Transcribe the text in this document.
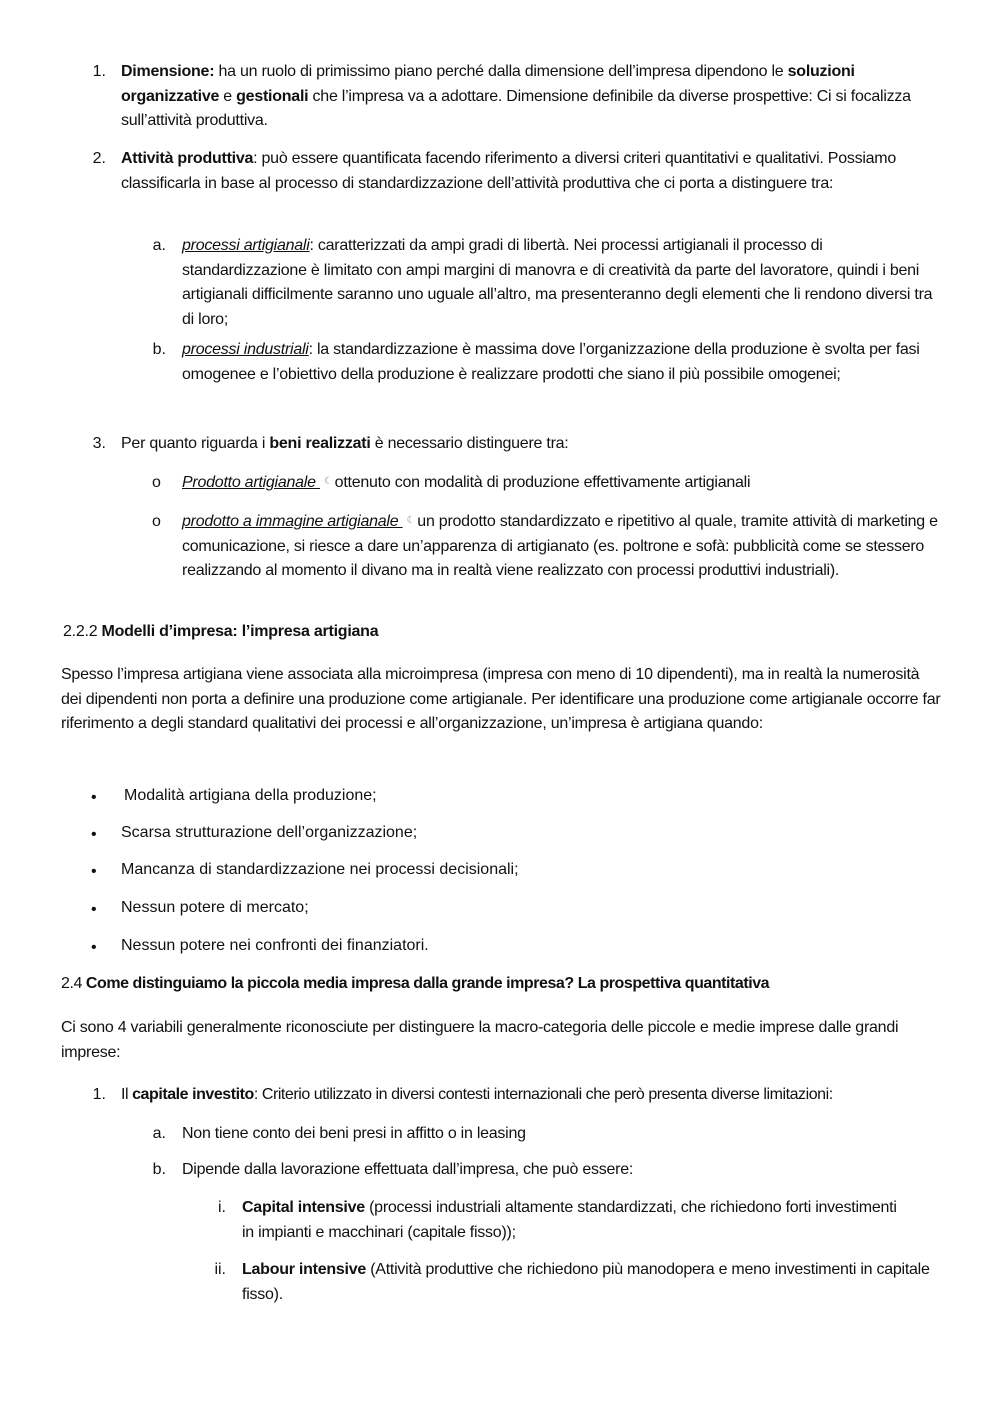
1. Dimensione: ha un ruolo di primissimo piano perché dalla dimensione dell’impresa dipendono le soluzioni organizzative e gestionali che l’impresa va a adottare. Dimensione definibile da diverse prospettive: Ci si focalizza sull’attività produttiva.

2. Attività produttiva: può essere quantificata facendo riferimento a diversi criteri quantitativi e qualitativi. Possiamo classificarla in base al processo di standardizzazione dell’attività produttiva che ci porta a distinguere tra:

a. processi artigianali: caratterizzati da ampi gradi di libertà. Nei processi artigianali il processo di standardizzazione è limitato con ampi margini di manovra e di creatività da parte del lavoratore, quindi i beni artigianali difficilmente saranno uno uguale all’altro, ma presenteranno degli elementi che li rendono diversi tra di loro;

b. processi industriali: la standardizzazione è massima dove l’organizzazione della produzione è svolta per fasi omogenee e l’obiettivo della produzione è realizzare prodotti che siano il più possibile omogenei;

3. Per quanto riguarda i beni realizzati è necessario distinguere tra:

o Prodotto artigianale ☾ ottenuto con modalità di produzione effettivamente artigianali

o prodotto a immagine artigianale ☾ un prodotto standardizzato e ripetitivo al quale, tramite attività di marketing e comunicazione, si riesce a dare un’apparenza di artigianato (es. poltrone e sofà: pubblicità come se stessero realizzando al momento il divano ma in realtà viene realizzato con processi produttivi industriali).

2.2.2 Modelli d’impresa: l’impresa artigiana

Spesso l’impresa artigiana viene associata alla microimpresa (impresa con meno di 10 dipendenti), ma in realtà la numerosità dei dipendenti non porta a definire una produzione come artigianale. Per identificare una produzione come artigianale occorre far riferimento a degli standard qualitativi dei processi e all’organizzazione, un’impresa è artigiana quando:

• Modalità artigiana della produzione;

• Scarsa strutturazione dell’organizzazione;

• Mancanza di standardizzazione nei processi decisionali;

• Nessun potere di mercato;

• Nessun potere nei confronti dei finanziatori.

2.4 Come distinguiamo la piccola media impresa dalla grande impresa? La prospettiva quantitativa

Ci sono 4 variabili generalmente riconosciute per distinguere la macro-categoria delle piccole e medie imprese dalle grandi imprese:

1. Il capitale investito: Criterio utilizzato in diversi contesti internazionali che però presenta diverse limitazioni:

a. Non tiene conto dei beni presi in affitto o in leasing

b. Dipende dalla lavorazione effettuata dall’impresa, che può essere:

i. Capital intensive (processi industriali altamente standardizzati, che richiedono forti investimenti in impianti e macchinari (capitale fisso));

ii. Labour intensive (Attività produttive che richiedono più manodopera e meno investimenti in capitale fisso).
